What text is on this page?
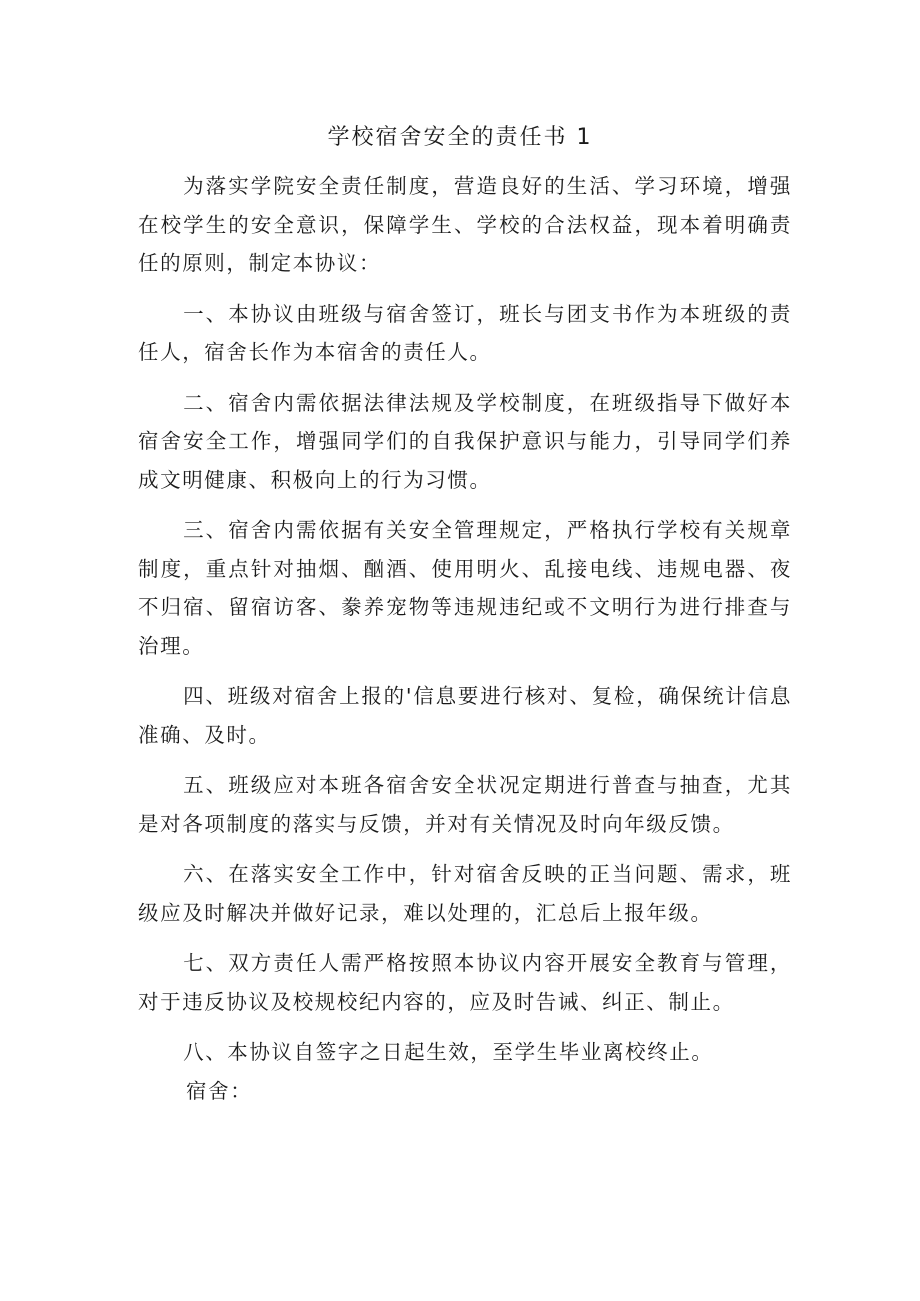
学校宿舍安全的责任书 1

为落实学院安全责任制度，营造良好的生活、学习环境，增强在校学生的安全意识，保障学生、学校的合法权益，现本着明确责任的原则，制定本协议：

一、本协议由班级与宿舍签订，班长与团支书作为本班级的责任人，宿舍长作为本宿舍的责任人。

二、宿舍内需依据法律法规及学校制度，在班级指导下做好本宿舍安全工作，增强同学们的自我保护意识与能力，引导同学们养成文明健康、积极向上的行为习惯。

三、宿舍内需依据有关安全管理规定，严格执行学校有关规章制度，重点针对抽烟、酗酒、使用明火、乱接电线、违规电器、夜不归宿、留宿访客、豢养宠物等违规违纪或不文明行为进行排查与治理。

四、班级对宿舍上报的'信息要进行核对、复检，确保统计信息准确、及时。

五、班级应对本班各宿舍安全状况定期进行普查与抽查，尤其是对各项制度的落实与反馈，并对有关情况及时向年级反馈。

六、在落实安全工作中，针对宿舍反映的正当问题、需求，班级应及时解决并做好记录，难以处理的，汇总后上报年级。

七、双方责任人需严格按照本协议内容开展安全教育与管理，对于违反协议及校规校纪内容的，应及时告诫、纠正、制止。

八、本协议自签字之日起生效，至学生毕业离校终止。

宿舍：
